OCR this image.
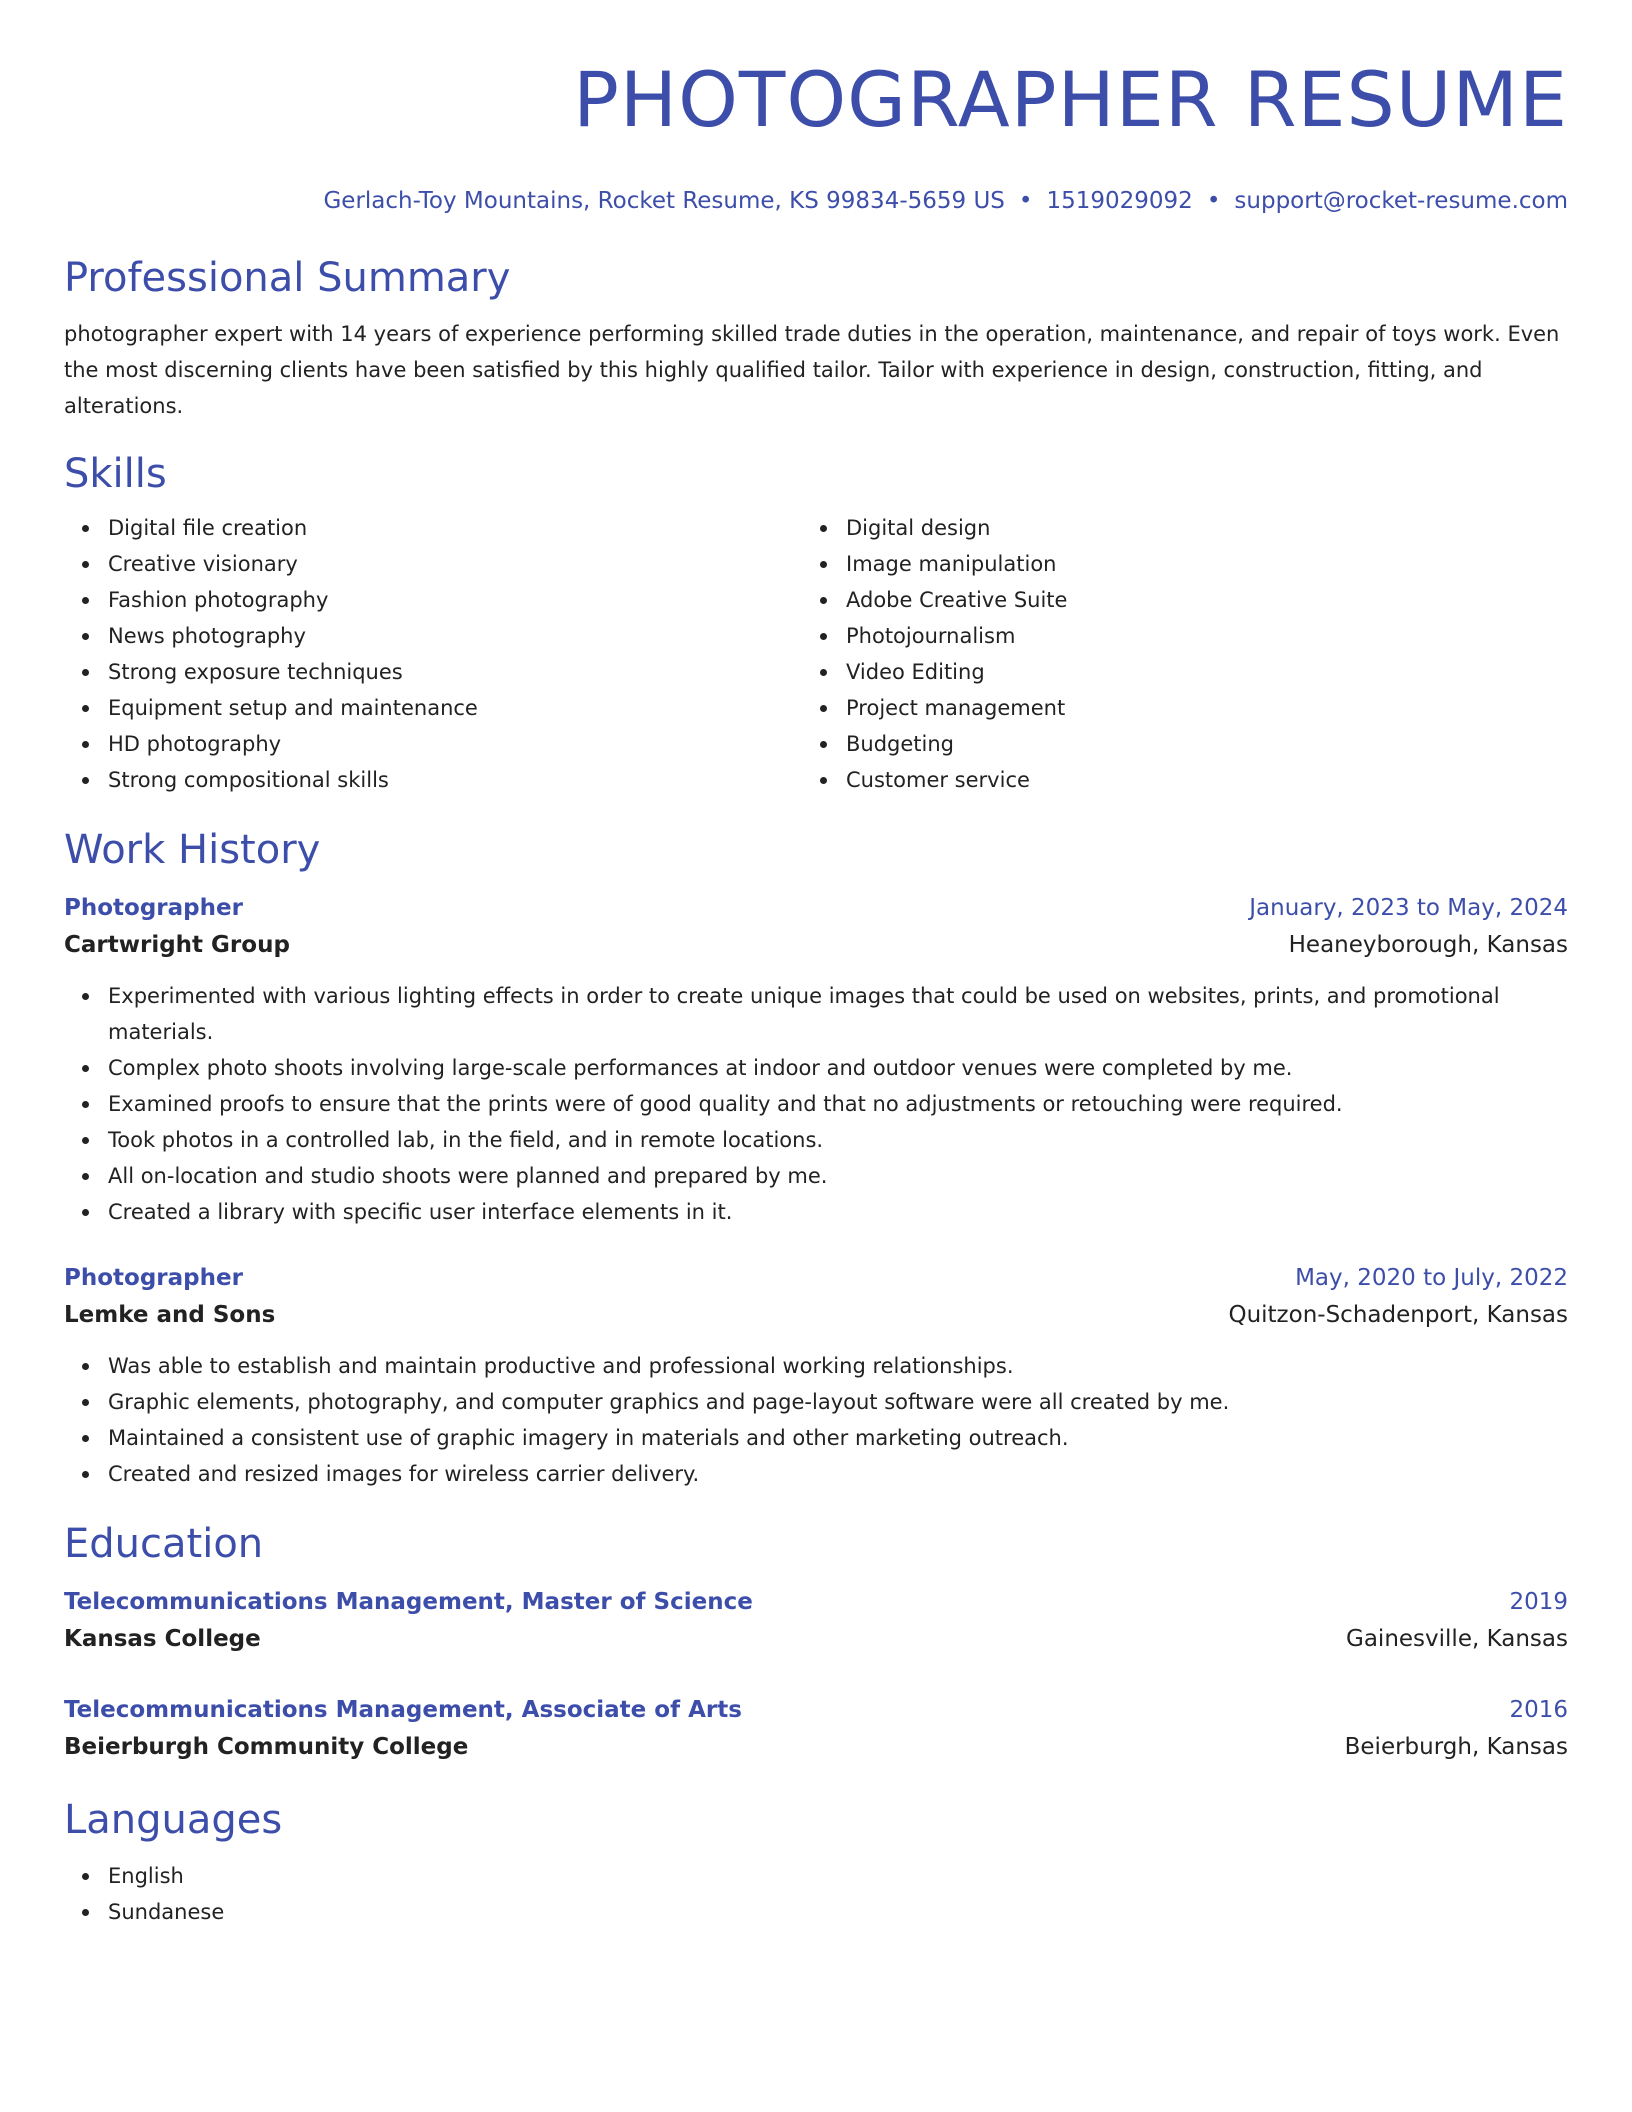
PHOTOGRAPHER RESUME
Gerlach-Toy Mountains, Rocket Resume, KS 99834-5659 US • 1519029092 • support@rocket-resume.com
Professional Summary

photographer expert with 14 years of experience performing skilled trade duties in the operation, maintenance, and repair of toys work. Even the most discerning clients have been satisfied by this highly qualified tailor. Tailor with experience in design, construction, fitting, and alterations.

Skills
Digital file creation
Creative visionary
Fashion photography
News photography
Strong exposure techniques
Equipment setup and maintenance
HD photography
Strong compositional skills
Digital design
Image manipulation
Adobe Creative Suite
Photojournalism
Video Editing
Project management
Budgeting
Customer service
Work History
Photographer	January, 2023 to May, 2024
Cartwright Group	Heaneyborough, Kansas
Experimented with various lighting effects in order to create unique images that could be used on websites, prints, and promotional materials.
Complex photo shoots involving large-scale performances at indoor and outdoor venues were completed by me.
Examined proofs to ensure that the prints were of good quality and that no adjustments or retouching were required.
Took photos in a controlled lab, in the field, and in remote locations.
All on-location and studio shoots were planned and prepared by me.
Created a library with specific user interface elements in it.
Photographer	May, 2020 to July, 2022
Lemke and Sons	Quitzon-Schadenport, Kansas
Was able to establish and maintain productive and professional working relationships.
Graphic elements, photography, and computer graphics and page-layout software were all created by me.
Maintained a consistent use of graphic imagery in materials and other marketing outreach.
Created and resized images for wireless carrier delivery.
Education
Telecommunications Management, Master of Science	2019
Kansas College	Gainesville, Kansas
Telecommunications Management, Associate of Arts	2016
Beierburgh Community College	Beierburgh, Kansas
Languages
English
Sundanese
